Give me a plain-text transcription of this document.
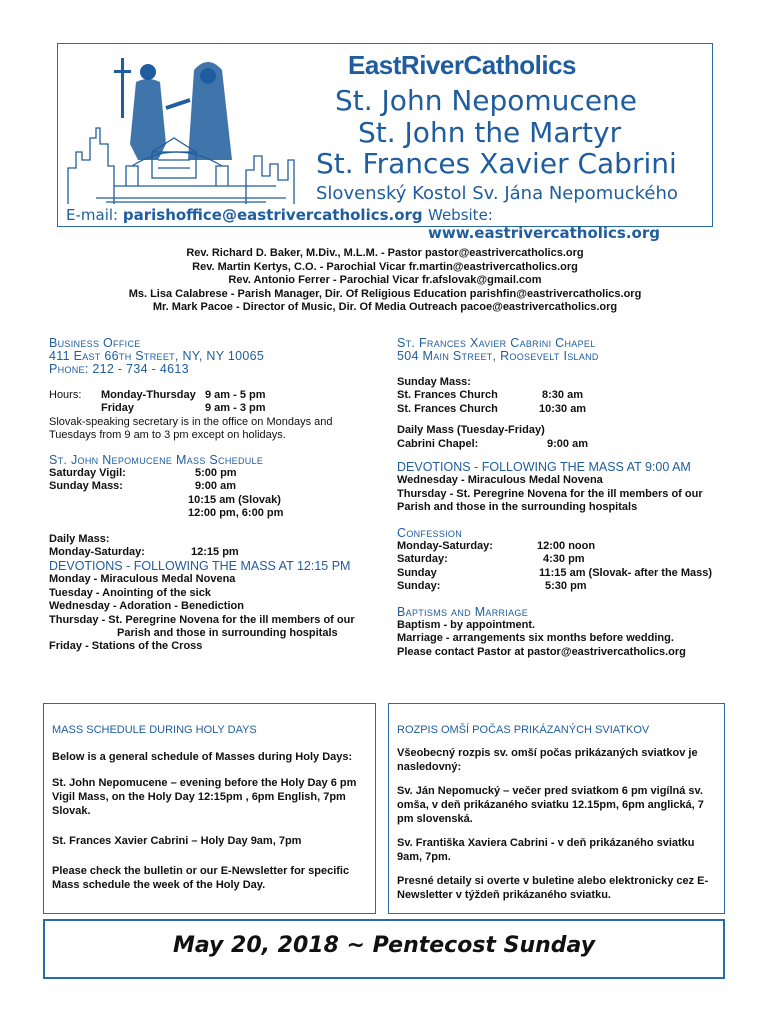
EastRiverCatholics
St. John Nepomucene
St. John the Martyr
St. Frances Xavier Cabrini
Slovenský Kostol Sv. Jána Nepomuckého
E-mail: parishoffice@eastrivercatholics.org Website: www.eastrivercatholics.org
Rev. Richard D. Baker, M.Div., M.L.M. - Pastor pastor@eastrivercatholics.org
Rev. Martin Kertys, C.O. - Parochial Vicar fr.martin@eastrivercatholics.org
Rev. Antonio Ferrer - Parochial Vicar fr.afslovak@gmail.com
Ms. Lisa Calabrese - Parish Manager, Dir. Of Religious Education parishfin@eastrivercatholics.org
Mr. Mark Pacoe - Director of Music, Dir. Of Media Outreach pacoe@eastrivercatholics.org
Business Office
411 East 66th Street, NY, NY 10065
Phone: 212 - 734 - 4613
Hours:	Monday-Thursday 9 am - 5 pm
Friday	9 am - 3 pm
Slovak-speaking secretary is in the office on Mondays and Tuesdays from 9 am to 3 pm except on holidays.
St. John Nepomucene Mass Schedule
Saturday Vigil:	5:00 pm
Sunday Mass:	9:00 am
10:15 am (Slovak)
12:00 pm, 6:00 pm
Daily Mass:
Monday-Saturday:	12:15 pm
DEVOTIONS - FOLLOWING THE MASS AT 12:15 PM
Monday - Miraculous Medal Novena
Tuesday - Anointing of the sick
Wednesday - Adoration - Benediction
Thursday - St. Peregrine Novena for the ill members of our
Parish and those in surrounding hospitals
Friday - Stations of the Cross
St. Frances Xavier Cabrini Chapel
504 Main Street, Roosevelt Island
Sunday Mass:
St. Frances Church	8:30 am
St. Frances Church	10:30 am
Daily Mass (Tuesday-Friday)
Cabrini Chapel:	9:00 am
DEVOTIONS - FOLLOWING THE MASS AT 9:00 AM
Wednesday - Miraculous Medal Novena
Thursday - St. Peregrine Novena for the ill members of our
Parish and those in the surrounding hospitals
Confession
Monday-Saturday:	12:00 noon
Saturday:	4:30 pm
Sunday	11:15 am (Slovak- after the Mass)
Sunday:	5:30 pm
Baptisms and Marriage
Baptism - by appointment.
Marriage - arrangements six months before wedding.
Please contact Pastor at pastor@eastrivercatholics.org
MASS SCHEDULE DURING HOLY DAYS

Below is a general schedule of Masses during Holy Days:

St. John Nepomucene – evening before the Holy Day 6 pm Vigil Mass, on the Holy Day 12:15pm , 6pm English, 7pm Slovak.

St. Frances Xavier Cabrini – Holy Day 9am, 7pm

Please check the bulletin or our E-Newsletter for specific Mass schedule the week of the Holy Day.

ROZPIS OMŠÍ POČAS PRIKÁZANÝCH SVIATKOV

Všeobecný rozpis sv. omší počas prikázaných sviatkov je nasledovný:

Sv. Ján Nepomucký – večer pred sviatkom 6 pm vigílná sv. omša, v deň prikázaného sviatku 12.15pm, 6pm anglická, 7 pm slovenská.

Sv. Františka Xaviera Cabrini - v deň prikázaného sviatku 9am, 7pm.

Presné detaily si overte v buletine alebo elektronicky cez E-Newsletter v týždeň prikázaného sviatku.

May 20, 2018 ~ Pentecost Sunday
